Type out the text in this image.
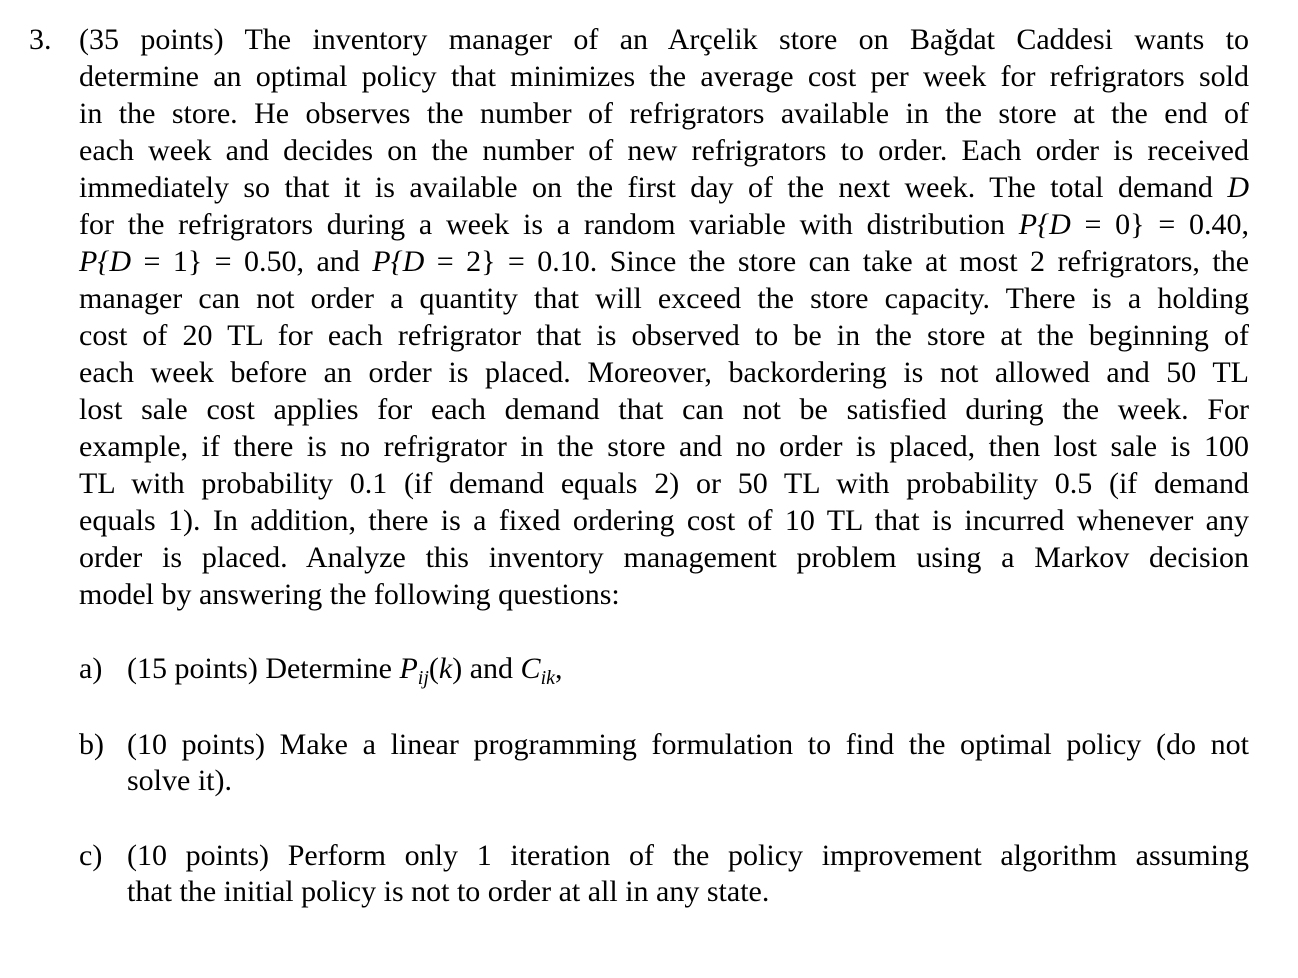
3. (35 points) The inventory manager of an Arçelik store on Bağdat Caddesi wants to
determine an optimal policy that minimizes the average cost per week for refrigrators sold
in the store. He observes the number of refrigrators available in the store at the end of
each week and decides on the number of new refrigrators to order. Each order is received
immediately so that it is available on the first day of the next week. The total demand D
for the refrigrators during a week is a random variable with distribution P{D = 0} = 0.40,
P{D = 1} = 0.50, and P{D = 2} = 0.10. Since the store can take at most 2 refrigrators, the
manager can not order a quantity that will exceed the store capacity. There is a holding
cost of 20 TL for each refrigrator that is observed to be in the store at the beginning of
each week before an order is placed. Moreover, backordering is not allowed and 50 TL
lost sale cost applies for each demand that can not be satisfied during the week. For
example, if there is no refrigrator in the store and no order is placed, then lost sale is 100
TL with probability 0.1 (if demand equals 2) or 50 TL with probability 0.5 (if demand
equals 1). In addition, there is a fixed ordering cost of 10 TL that is incurred whenever any
order is placed. Analyze this inventory management problem using a Markov decision
model by answering the following questions:
a) (15 points) Determine $P_{ij}(k)$ and $C_{ik}$,
b) (10 points) Make a linear programming formulation to find the optimal policy (do not
solve it).
c) (10 points) Perform only 1 iteration of the policy improvement algorithm assuming
that the initial policy is not to order at all in any state.
